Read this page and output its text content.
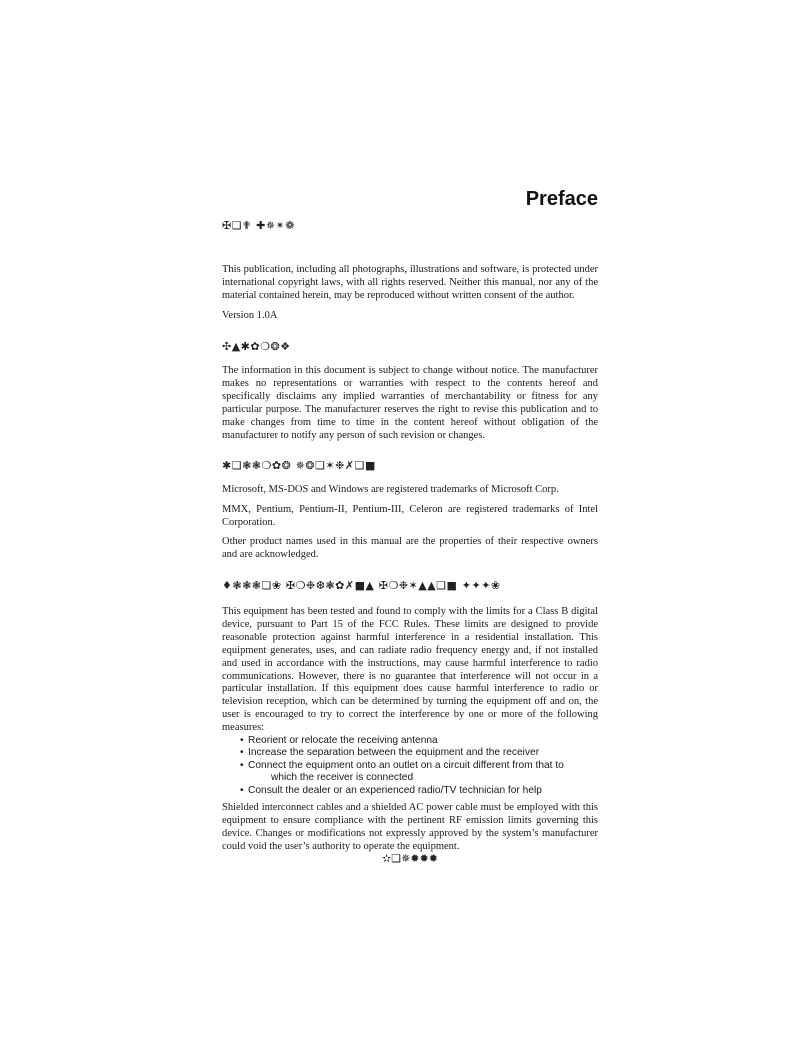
Preface
✠❏✟ ✚✵✴❁

This publication, including all photographs, illustrations and software, is protected under international copyright laws, with all rights reserved. Neither this manual, nor any of the material contained herein, may be reproduced without written consent of the author.

Version 1.0A

✣▲✱✿❍❂❖

The information in this document is subject to change without notice. The manufacturer makes no representations or warranties with respect to the contents hereof and specifically disclaims any implied warranties of merchantability or fitness for any particular purpose. The manufacturer reserves the right to revise this publication and to make changes from time to time in the content hereof without obligation of the manufacturer to notify any person of such revision or changes.

✱❏❃❃❍✿❂ ✵❂❏✶❉✗❏■

Microsoft, MS-DOS and Windows are registered trademarks of Microsoft Corp.

MMX, Pentium, Pentium-II, Pentium-III, Celeron are registered trademarks of Intel Corporation.

Other product names used in this manual are the properties of their respective owners and are acknowledged.

♦❃❃❃❏❀ ✠❍❉❆❃✿✗■▲ ✠❍❉✶▲▲❏■ ✦✦✦❀

This equipment has been tested and found to comply with the limits for a Class B digital device, pursuant to Part 15 of the FCC Rules. These limits are designed to provide reasonable protection against harmful interference in a residential installation. This equipment generates, uses, and can radiate radio frequency energy and, if not installed and used in accordance with the instructions, may cause harmful interference to radio communications. However, there is no guarantee that interference will not occur in a particular installation. If this equipment does cause harmful interference to radio or television reception, which can be determined by turning the equipment off and on, the user is encouraged to try to correct the interference by one or more of the following measures:

• Reorient or relocate the receiving antenna
• Increase the separation between the equipment and the receiver
• Connect the equipment onto an outlet on a circuit different from that to
which the receiver is connected
• Consult the dealer or an experienced radio/TV technician for help

Shielded interconnect cables and a shielded AC power cable must be employed with this equipment to ensure compliance with the pertinent RF emission limits governing this device. Changes or modifications not expressly approved by the system’s manufacturer could void the user’s authority to operate the equipment.

✫❏✵✹✹✹
